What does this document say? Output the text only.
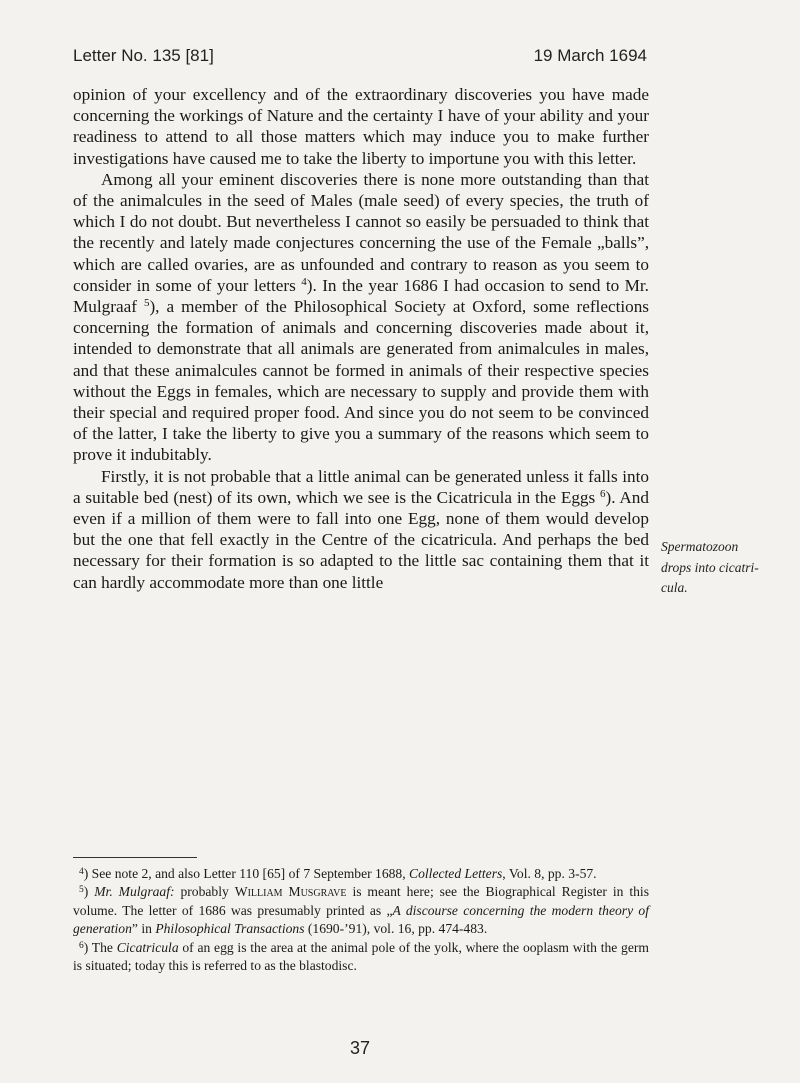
Letter No. 135 [81]	19 March 1694

opinion of your excellency and of the extraordinary discoveries you have made concerning the workings of Nature and the certainty I have of your ability and your readiness to attend to all those matters which may induce you to make further investigations have caused me to take the liberty to importune you with this letter.

Among all your eminent discoveries there is none more outstanding than that of the animalcules in the seed of Males (male seed) of every species, the truth of which I do not doubt. But nevertheless I cannot so easily be persuaded to think that the recently and lately made conjectures concerning the use of the Female „balls”, which are called ovaries, are as unfounded and contrary to reason as you seem to consider in some of your letters $^4$). In the year 1686 I had occasion to send to Mr. Mulgraaf $^5$), a member of the Philosophical Society at Oxford, some reflections concerning the formation of animals and concerning discoveries made about it, intended to demonstrate that all animals are generated from animalcules in males, and that these animalcules cannot be formed in animals of their respective species without the Eggs in females, which are necessary to supply and provide them with their special and required proper food. And since you do not seem to be convinced of the latter, I take the liberty to give you a summary of the reasons which seem to prove it indubitably.

Firstly, it is not probable that a little animal can be generated unless it falls into a suitable bed (nest) of its own, which we see is the Cicatricula in the Eggs $^6$). And even if a million of them were to fall into one Egg, none of them would develop but the one that fell exactly in the Centre of the cicatricula. And perhaps the bed necessary for their formation is so adapted to the little sac containing them that it can hardly accommodate more than one little

Spermatozoon
drops into cicatri-
cula.

$^4$) See note 2, and also Letter 110 [65] of 7 September 1688, Collected Letters, Vol. 8, pp. 3-57.

$^5$) Mr. Mulgraaf: probably William Musgrave is meant here; see the Biographical Register in this volume. The letter of 1686 was presumably printed as „A discourse concerning the modern theory of generation” in Philosophical Transactions (1690-’91), vol. 16, pp. 474-483.

$^6$) The Cicatricula of an egg is the area at the animal pole of the yolk, where the ooplasm with the germ is situated; today this is referred to as the blastodisc.

37
